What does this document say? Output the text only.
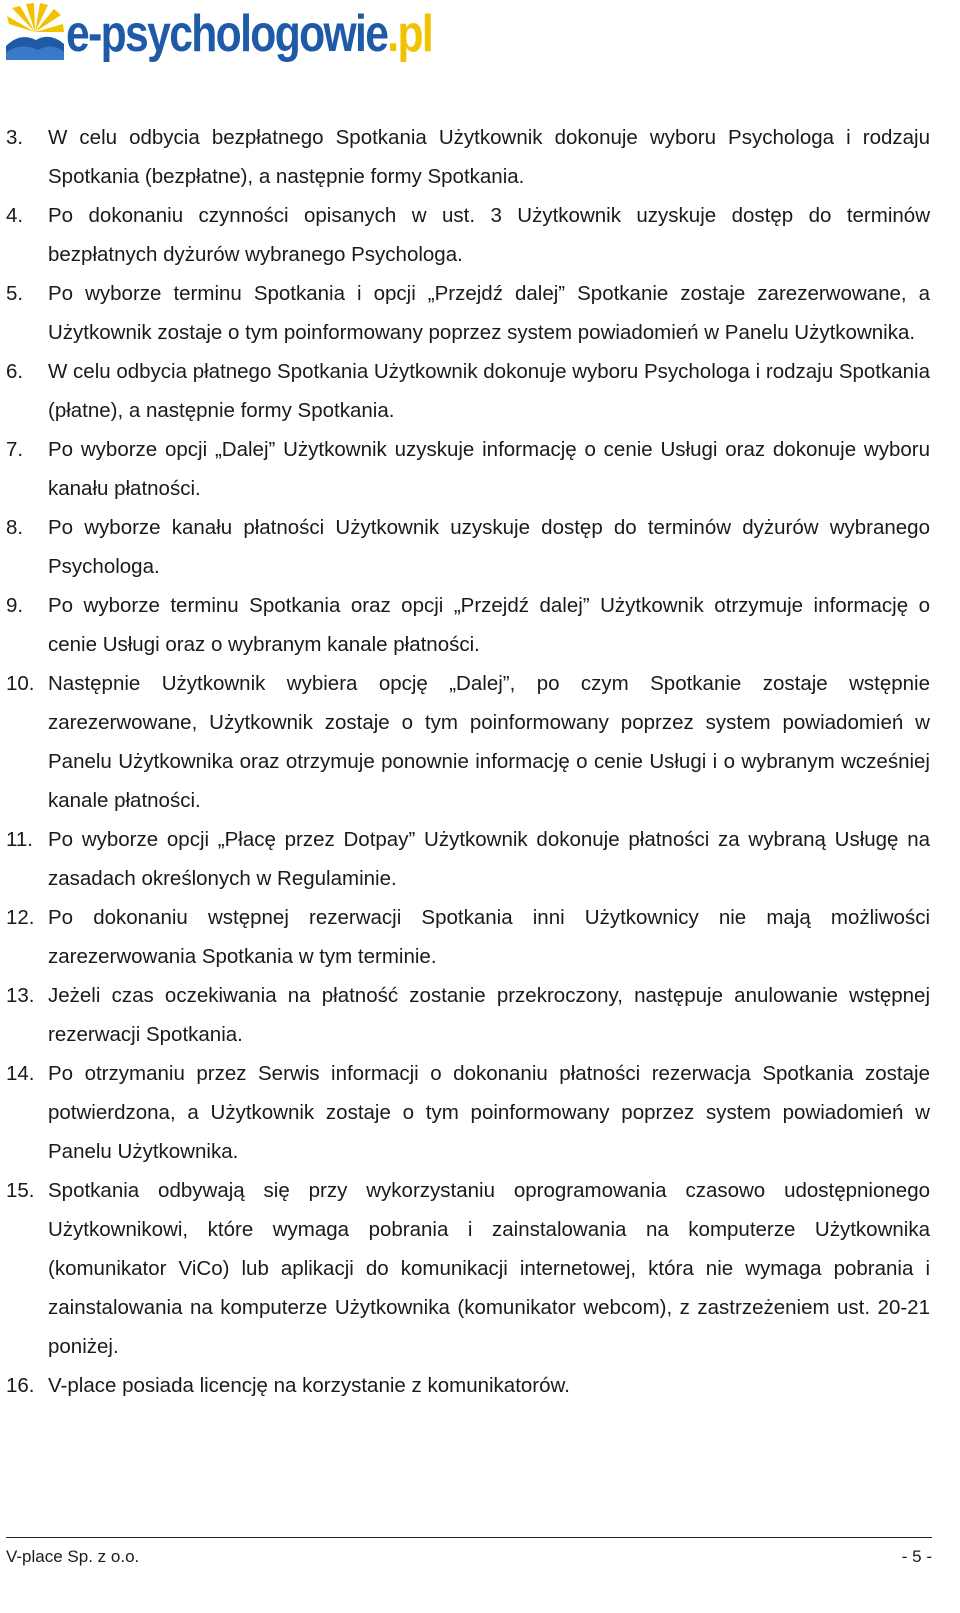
e-psychologowie.pl
3. W celu odbycia bezpłatnego Spotkania Użytkownik dokonuje wyboru Psychologa i rodzaju Spotkania (bezpłatne), a następnie formy Spotkania.
4. Po dokonaniu czynności opisanych w ust. 3 Użytkownik uzyskuje dostęp do terminów bezpłatnych dyżurów wybranego Psychologa.
5. Po wyborze terminu Spotkania i opcji „Przejdź dalej” Spotkanie zostaje zarezerwowane, a Użytkownik zostaje o tym poinformowany poprzez system powiadomień w Panelu Użytkownika.
6. W celu odbycia płatnego Spotkania Użytkownik dokonuje wyboru Psychologa i rodzaju Spotkania (płatne), a następnie formy Spotkania.
7. Po wyborze opcji „Dalej” Użytkownik uzyskuje informację o cenie Usługi oraz dokonuje wyboru kanału płatności.
8. Po wyborze kanału płatności Użytkownik uzyskuje dostęp do terminów dyżurów wybranego Psychologa.
9. Po wyborze terminu Spotkania oraz opcji „Przejdź dalej” Użytkownik otrzymuje informację o cenie Usługi oraz o wybranym kanale płatności.
10. Następnie Użytkownik wybiera opcję „Dalej”, po czym Spotkanie zostaje wstępnie zarezerwowane, Użytkownik zostaje o tym poinformowany poprzez system powiadomień w Panelu Użytkownika oraz otrzymuje ponownie informację o cenie Usługi i o wybranym wcześniej kanale płatności.
11. Po wyborze opcji „Płacę przez Dotpay” Użytkownik dokonuje płatności za wybraną Usługę na zasadach określonych w Regulaminie.
12. Po dokonaniu wstępnej rezerwacji Spotkania inni Użytkownicy nie mają możliwości zarezerwowania Spotkania w tym terminie.
13. Jeżeli czas oczekiwania na płatność zostanie przekroczony, następuje anulowanie wstępnej rezerwacji Spotkania.
14. Po otrzymaniu przez Serwis informacji o dokonaniu płatności rezerwacja Spotkania zostaje potwierdzona, a Użytkownik zostaje o tym poinformowany poprzez system powiadomień w Panelu Użytkownika.
15. Spotkania odbywają się przy wykorzystaniu oprogramowania czasowo udostępnionego Użytkownikowi, które wymaga pobrania i zainstalowania na komputerze Użytkownika (komunikator ViCo) lub aplikacji do komunikacji internetowej, która nie wymaga pobrania i zainstalowania na komputerze Użytkownika (komunikator webcom), z zastrzeżeniem ust. 20-21 poniżej.
16. V-place posiada licencję na korzystanie z komunikatorów.
V-place Sp. z o.o.	- 5 -
